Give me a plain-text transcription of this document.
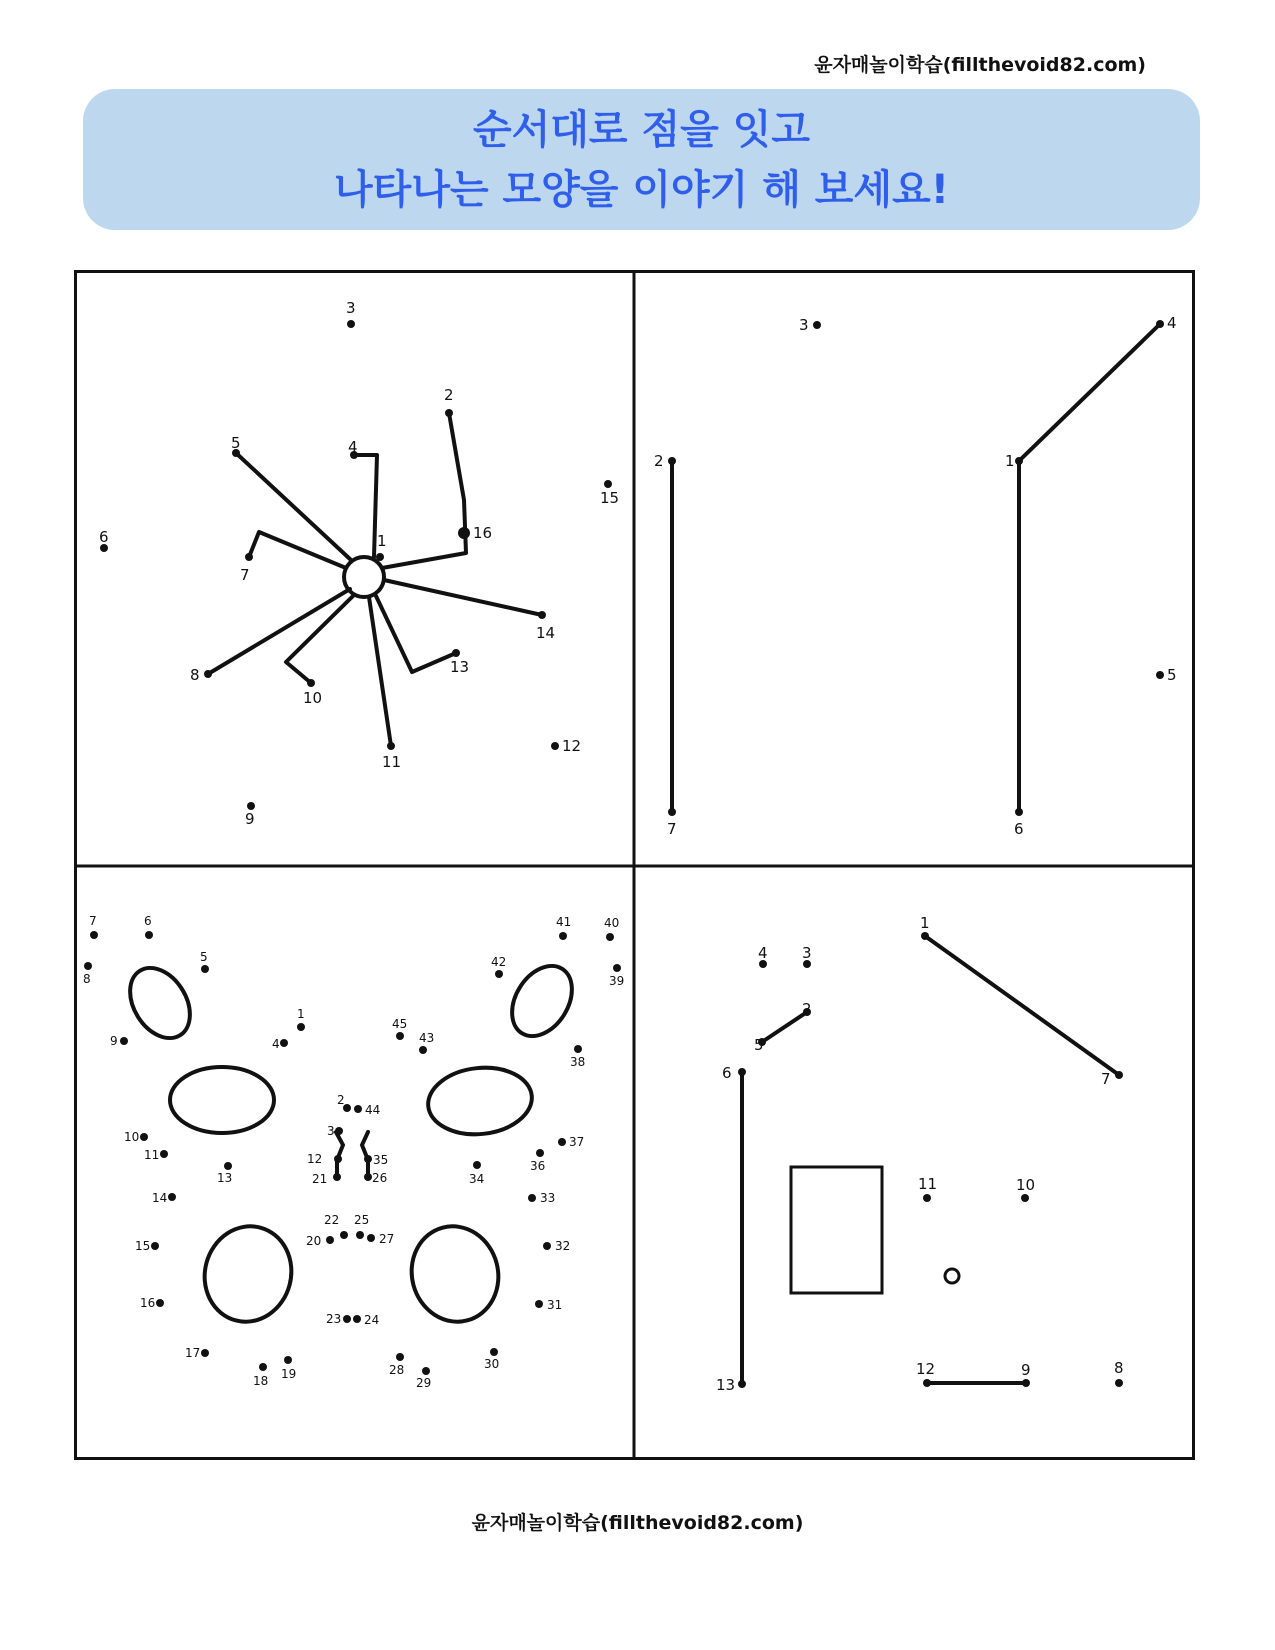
윤자매놀이학습(fillthevoid82.com)
순서대로 점을 잇고
나타나는 모양을 이야기 해 보세요!
1
2
3
4
5
6
7
8
9
10
11
12
13
14
15
16
1
2
3	4
5
6
7
1
2
3
4
5
6
7
8
9
10
11	12
13
14
15
16
17
18 19
20
21
22
23 24
25
26
27
28
29
30
31
32
33
34
35	36
37
38
39
40
41
42
43
44
45
1
2
3
4
5
6	7
8
9
10
11
12
13
윤자매놀이학습(fillthevoid82.com)
